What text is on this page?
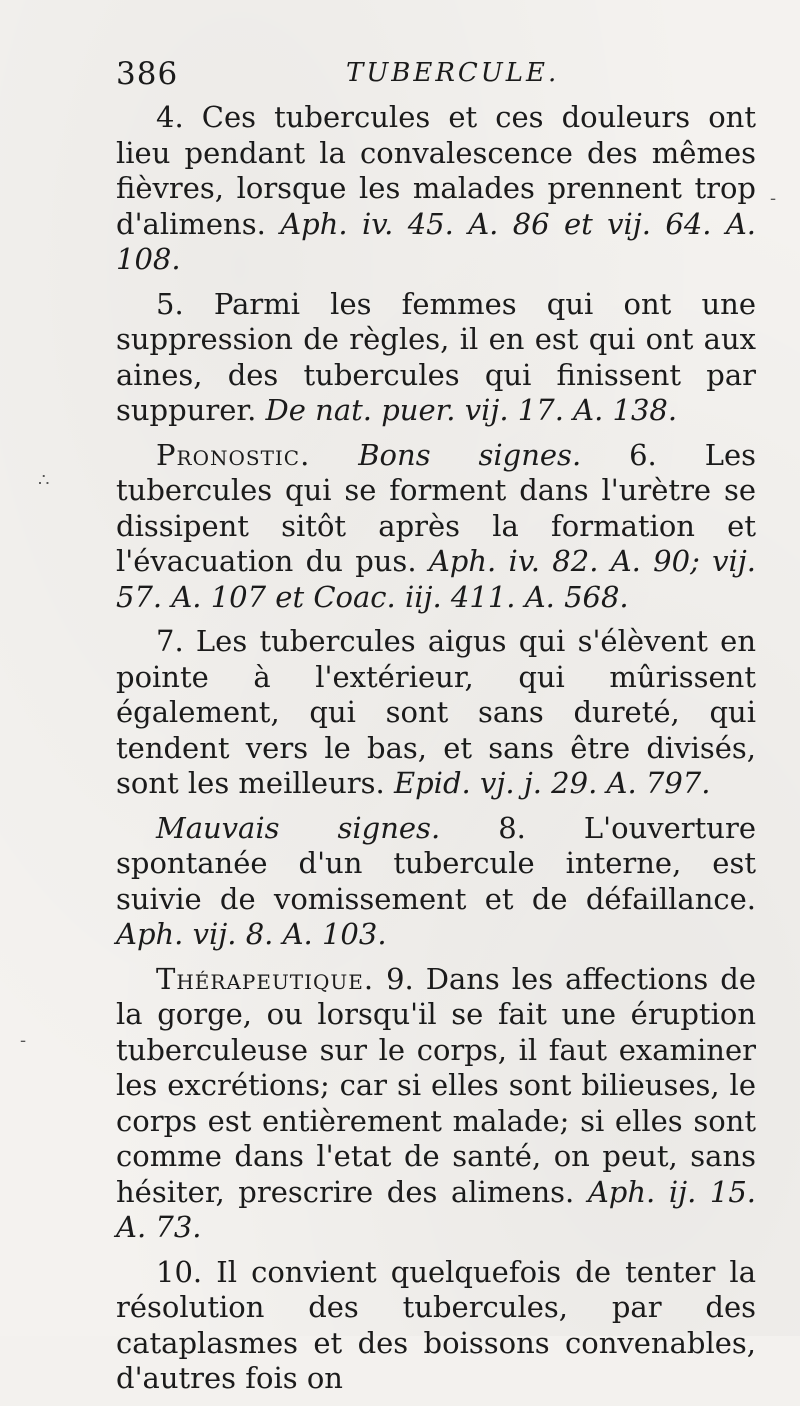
386	TUBERCULE.

4. Ces tubercules et ces douleurs ont lieu pendant la convalescence des mêmes fièvres, lorsque les malades prennent trop d'alimens. Aph. iv. 45. A. 86 et vij. 64. A. 108.

5. Parmi les femmes qui ont une suppression de règles, il en est qui ont aux aines, des tubercules qui finissent par suppurer. De nat. puer. vij. 17. A. 138.

Pronostic. Bons signes. 6. Les tubercules qui se forment dans l'urètre se dissipent sitôt après la formation et l'évacuation du pus. Aph. iv. 82. A. 90; vij. 57. A. 107 et Coac. iij. 411. A. 568.

7. Les tubercules aigus qui s'élèvent en pointe à l'extérieur, qui mûrissent également, qui sont sans dureté, qui tendent vers le bas, et sans être divisés, sont les meilleurs. Epid. vj. j. 29. A. 797.

Mauvais signes. 8. L'ouverture spontanée d'un tubercule interne, est suivie de vomissement et de défaillance. Aph. vij. 8. A. 103.

Thérapeutique. 9. Dans les affections de la gorge, ou lorsqu'il se fait une éruption tuberculeuse sur le corps, il faut examiner les excrétions; car si elles sont bilieuses, le corps est entièrement malade; si elles sont comme dans l'etat de santé, on peut, sans hésiter, prescrire des alimens. Aph. ij. 15. A. 73.

10. Il convient quelquefois de tenter la résolution des tubercules, par des cataplasmes et des boissons convenables, d'autres fois on

∴
-
-
